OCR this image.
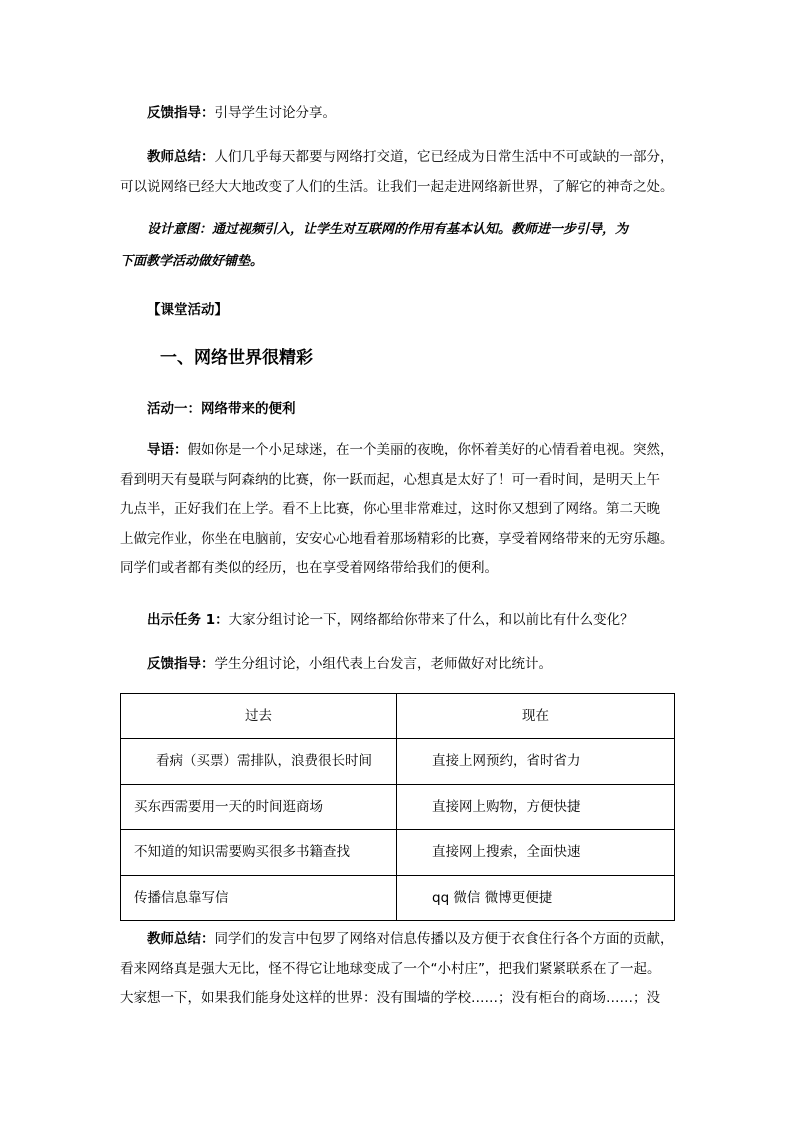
反馈指导：引导学生讨论分享。
教师总结：人们几乎每天都要与网络打交道，它已经成为日常生活中不可或缺的一部分，
可以说网络已经大大地改变了人们的生活。让我们一起走进网络新世界，了解它的神奇之处。
设计意图：通过视频引入，让学生对互联网的作用有基本认知。教师进一步引导，为
下面教学活动做好铺垫。
【课堂活动】
一、网络世界很精彩
活动一：网络带来的便利
导语：假如你是一个小足球迷，在一个美丽的夜晚，你怀着美好的心情看着电视。突然，
看到明天有曼联与阿森纳的比赛，你一跃而起，心想真是太好了！可一看时间，是明天上午
九点半，正好我们在上学。看不上比赛，你心里非常难过，这时你又想到了网络。第二天晚
上做完作业，你坐在电脑前，安安心心地看着那场精彩的比赛，享受着网络带来的无穷乐趣。
同学们或者都有类似的经历，也在享受着网络带给我们的便利。
出示任务 1：大家分组讨论一下，网络都给你带来了什么，和以前比有什么变化？
反馈指导：学生分组讨论，小组代表上台发言，老师做好对比统计。
过去	现在
看病（买票）需排队，浪费很长时间	直接上网预约，省时省力
买东西需要用一天的时间逛商场	直接网上购物，方便快捷
不知道的知识需要购买很多书籍查找	直接网上搜索，全面快速
传播信息靠写信	qq 微信 微博更便捷
教师总结：同学们的发言中包罗了网络对信息传播以及方便于衣食住行各个方面的贡献，
看来网络真是强大无比，怪不得它让地球变成了一个“小村庄”，把我们紧紧联系在了一起。
大家想一下，如果我们能身处这样的世界：没有围墙的学校……；没有柜台的商场……；没
